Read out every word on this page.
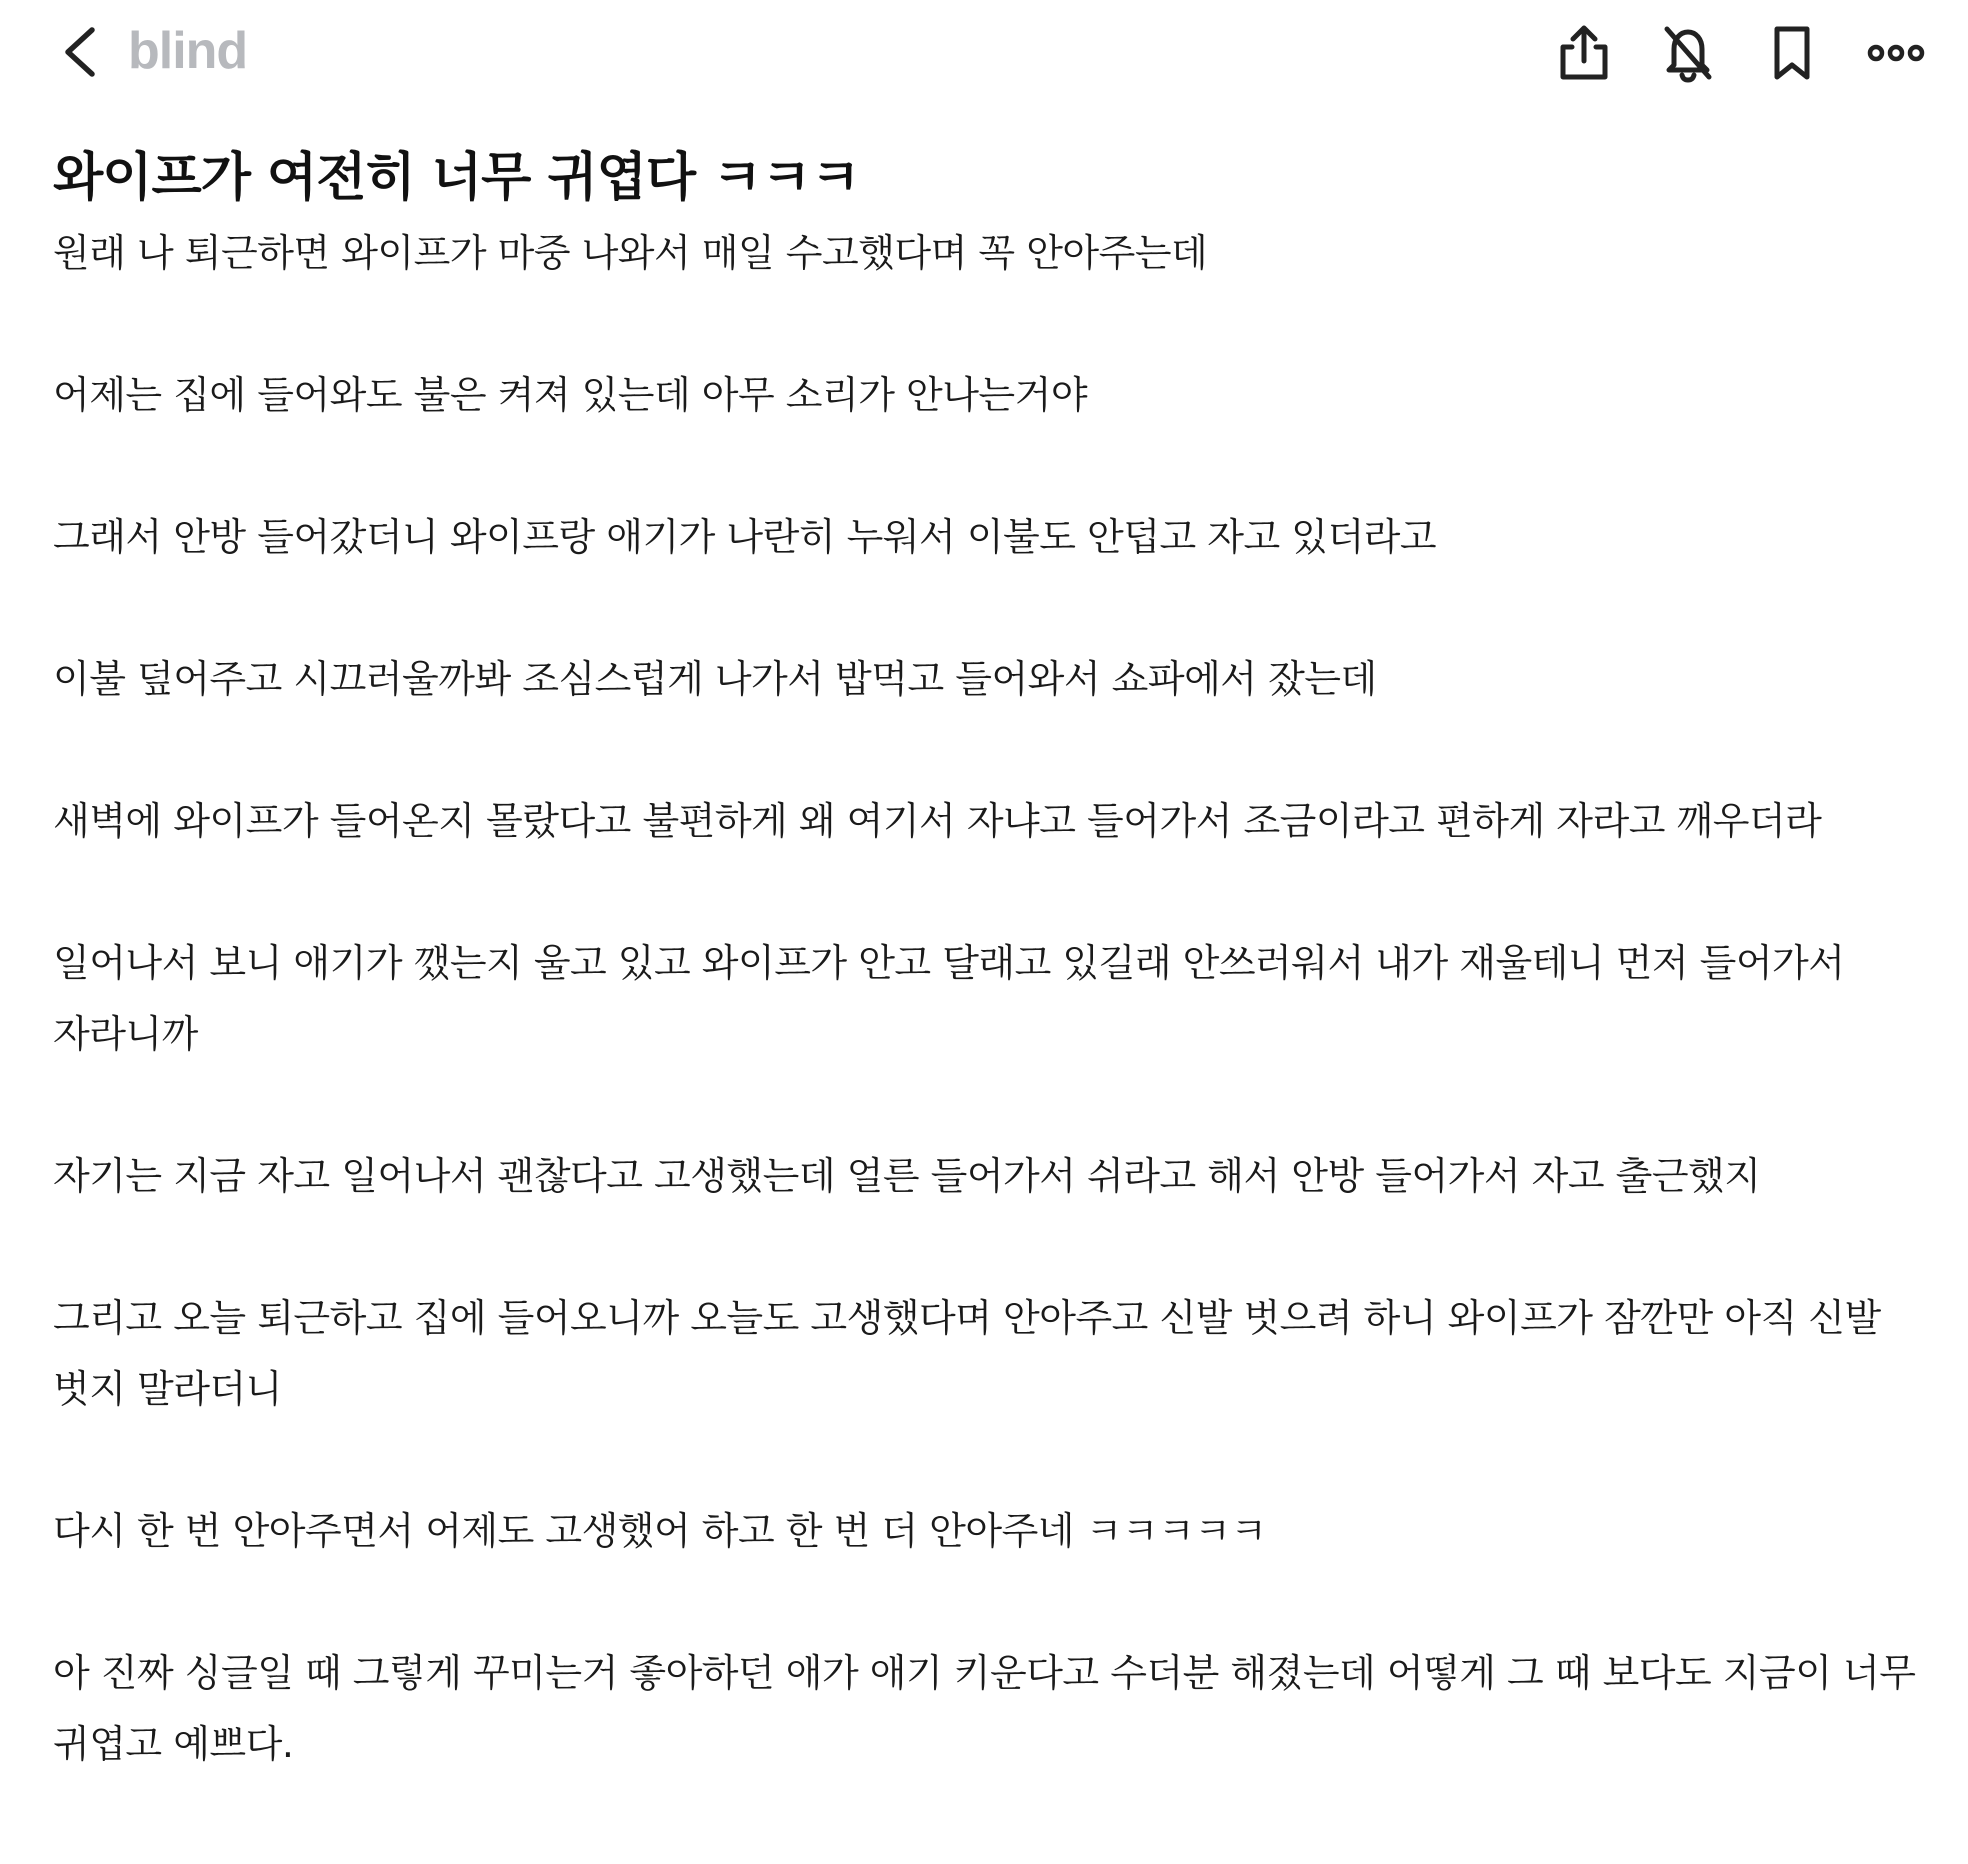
blind
와이프가 여전히 너무 귀엽다 ㅋㅋㅋ

원래 나 퇴근하면 와이프가 마중 나와서 매일 수고했다며 꼭 안아주는데

어제는 집에 들어와도 불은 켜져 있는데 아무 소리가 안나는거야

그래서 안방 들어갔더니 와이프랑 애기가 나란히 누워서 이불도 안덥고 자고 있더라고

이불 덮어주고 시끄러울까봐 조심스럽게 나가서 밥먹고 들어와서 쇼파에서 잤는데

새벽에 와이프가 들어온지 몰랐다고 불편하게 왜 여기서 자냐고 들어가서 조금이라고 편하게 자라고 깨우더라

일어나서 보니 애기가 깼는지 울고 있고 와이프가 안고 달래고 있길래 안쓰러워서 내가 재울테니 먼저 들어가서 자라니까

자기는 지금 자고 일어나서 괜찮다고 고생했는데 얼른 들어가서 쉬라고 해서 안방 들어가서 자고 출근했지

그리고 오늘 퇴근하고 집에 들어오니까 오늘도 고생했다며 안아주고 신발 벗으려 하니 와이프가 잠깐만 아직 신발 벗지 말라더니

다시 한 번 안아주면서 어제도 고생했어 하고 한 번 더 안아주네 ㅋㅋㅋㅋㅋ

아 진짜 싱글일 때 그렇게 꾸미는거 좋아하던 애가 애기 키운다고 수더분 해졌는데 어떻게 그 때 보다도 지금이 너무 귀엽고 예쁘다.
